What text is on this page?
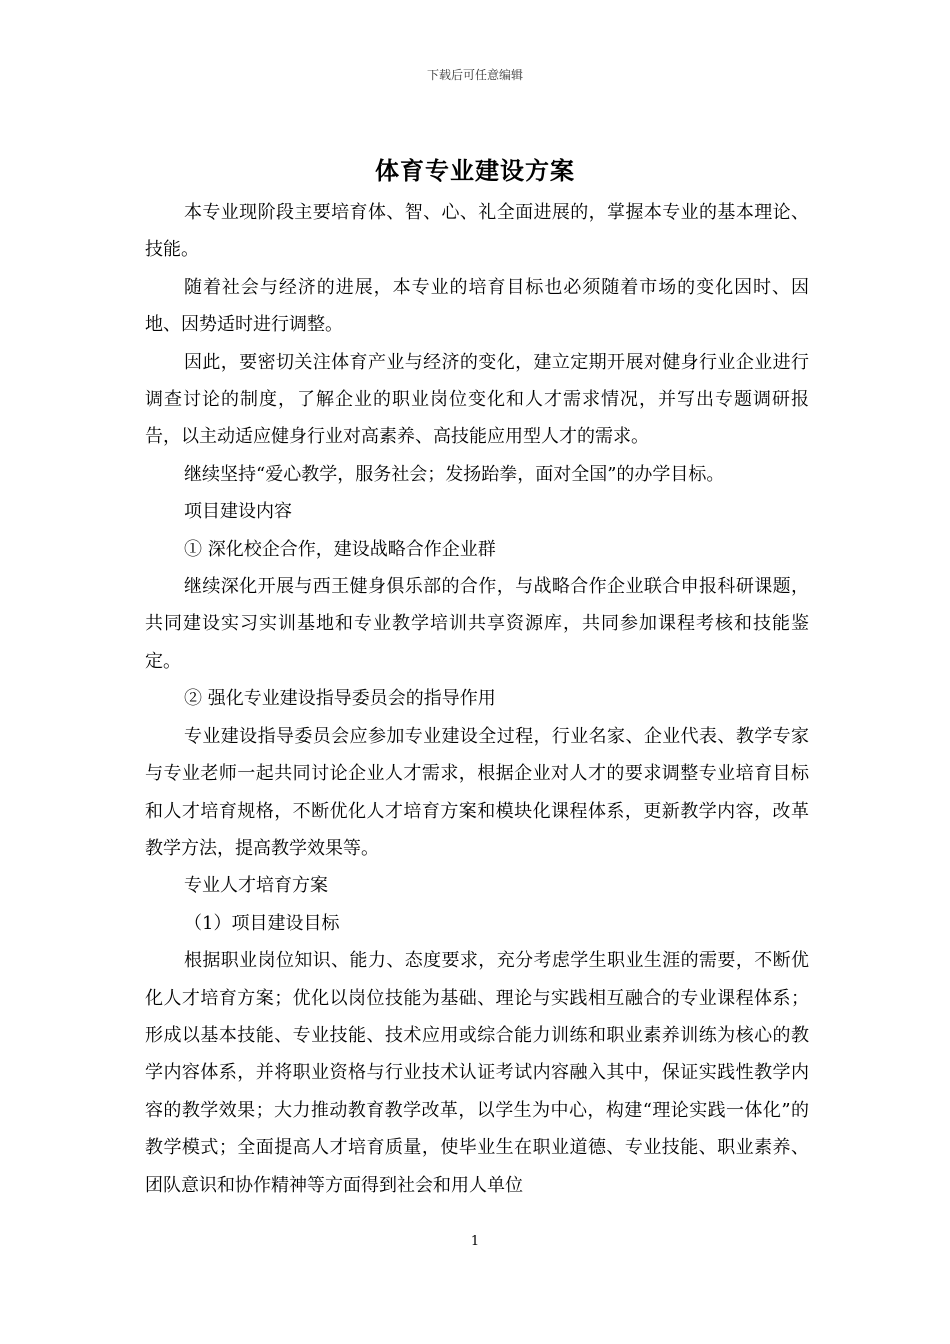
下载后可任意编辑
体育专业建设方案

本专业现阶段主要培育体、智、心、礼全面进展的，掌握本专业的基本理论、技能。

随着社会与经济的进展，本专业的培育目标也必须随着市场的变化因时、因地、因势适时进行调整。

因此，要密切关注体育产业与经济的变化，建立定期开展对健身行业企业进行调查讨论的制度，了解企业的职业岗位变化和人才需求情况，并写出专题调研报告，以主动适应健身行业对高素养、高技能应用型人才的需求。

继续坚持“爱心教学，服务社会；发扬跆拳，面对全国”的办学目标。

项目建设内容

① 深化校企合作，建设战略合作企业群

继续深化开展与西王健身俱乐部的合作，与战略合作企业联合申报科研课题，共同建设实习实训基地和专业教学培训共享资源库，共同参加课程考核和技能鉴定。

② 强化专业建设指导委员会的指导作用

专业建设指导委员会应参加专业建设全过程，行业名家、企业代表、教学专家与专业老师一起共同讨论企业人才需求，根据企业对人才的要求调整专业培育目标和人才培育规格，不断优化人才培育方案和模块化课程体系，更新教学内容，改革教学方法，提高教学效果等。

专业人才培育方案

（1）项目建设目标

根据职业岗位知识、能力、态度要求，充分考虑学生职业生涯的需要，不断优化人才培育方案；优化以岗位技能为基础、理论与实践相互融合的专业课程体系；形成以基本技能、专业技能、技术应用或综合能力训练和职业素养训练为核心的教学内容体系，并将职业资格与行业技术认证考试内容融入其中，保证实践性教学内容的教学效果；大力推动教育教学改革，以学生为中心，构建“理论实践一体化”的教学模式；全面提高人才培育质量，使毕业生在职业道德、专业技能、职业素养、团队意识和协作精神等方面得到社会和用人单位

1
